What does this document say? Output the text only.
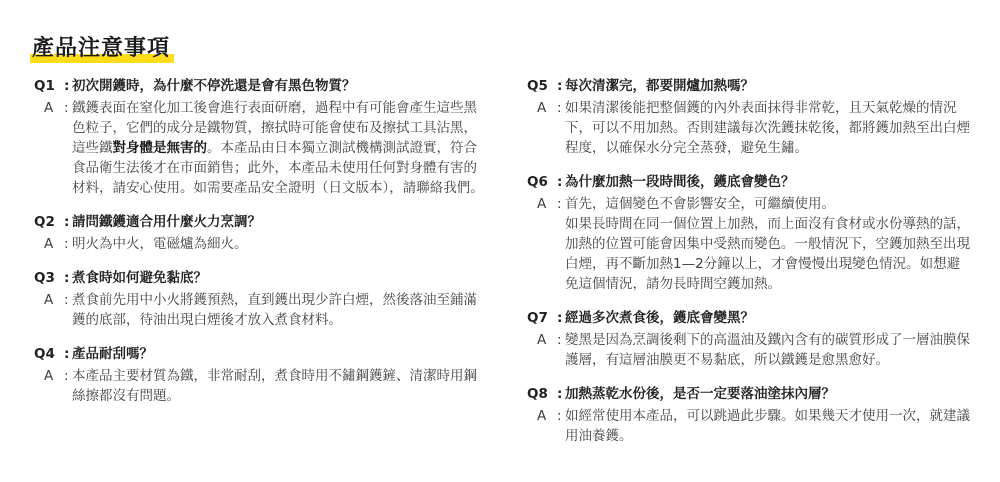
產品注意事項
Q1 : 初次開鑊時，為什麼不停洗還是會有黑色物質？
A : 鐵鑊表面在窒化加工後會進行表面研磨，過程中有可能會產生這些黑色粒子，它們的成分是鐵物質，擦拭時可能會使布及擦拭工具沾黑，這些鐵對身體是無害的。本產品由日本獨立測試機構測試證實，符合食品衛生法後才在市面銷售；此外，本產品未使用任何對身體有害的材料，請安心使用。如需要產品安全證明（日文版本），請聯絡我們。
Q2 : 請問鐵鑊適合用什麼火力烹調？
A : 明火為中火，電磁爐為細火。
Q3 : 煮食時如何避免黏底？
A : 煮食前先用中小火將鑊預熱，直到鑊出現少許白煙，然後落油至鋪滿鑊的底部，待油出現白煙後才放入煮食材料。
Q4 : 產品耐刮嗎？
A : 本產品主要材質為鐵，非常耐刮，煮食時用不鏽鋼鑊鏟、清潔時用鋼絲擦都沒有問題。
Q5 : 每次清潔完，都要開爐加熱嗎？
A : 如果清潔後能把整個鑊的內外表面抹得非常乾，且天氣乾燥的情況下，可以不用加熱。否則建議每次洗鑊抹乾後，都將鑊加熱至出白煙程度，以確保水分完全蒸發，避免生鏽。
Q6 : 為什麼加熱一段時間後，鑊底會變色？
A : 首先，這個變色不會影響安全，可繼續使用。
如果長時間在同一個位置上加熱，而上面沒有食材或水份導熱的話，加熱的位置可能會因集中受熱而變色。一般情況下，空鑊加熱至出現白煙，再不斷加熱1—2分鐘以上，才會慢慢出現變色情況。如想避免這個情況，請勿長時間空鑊加熱。
Q7 : 經過多次煮食後，鑊底會變黑？
A : 變黑是因為烹調後剩下的高溫油及鐵內含有的碳質形成了一層油膜保護層，有這層油膜更不易黏底，所以鐵鑊是愈黑愈好。
Q8 : 加熱蒸乾水份後，是否一定要落油塗抹內層？
A : 如經常使用本產品，可以跳過此步驟。如果幾天才使用一次，就建議用油養鑊。
